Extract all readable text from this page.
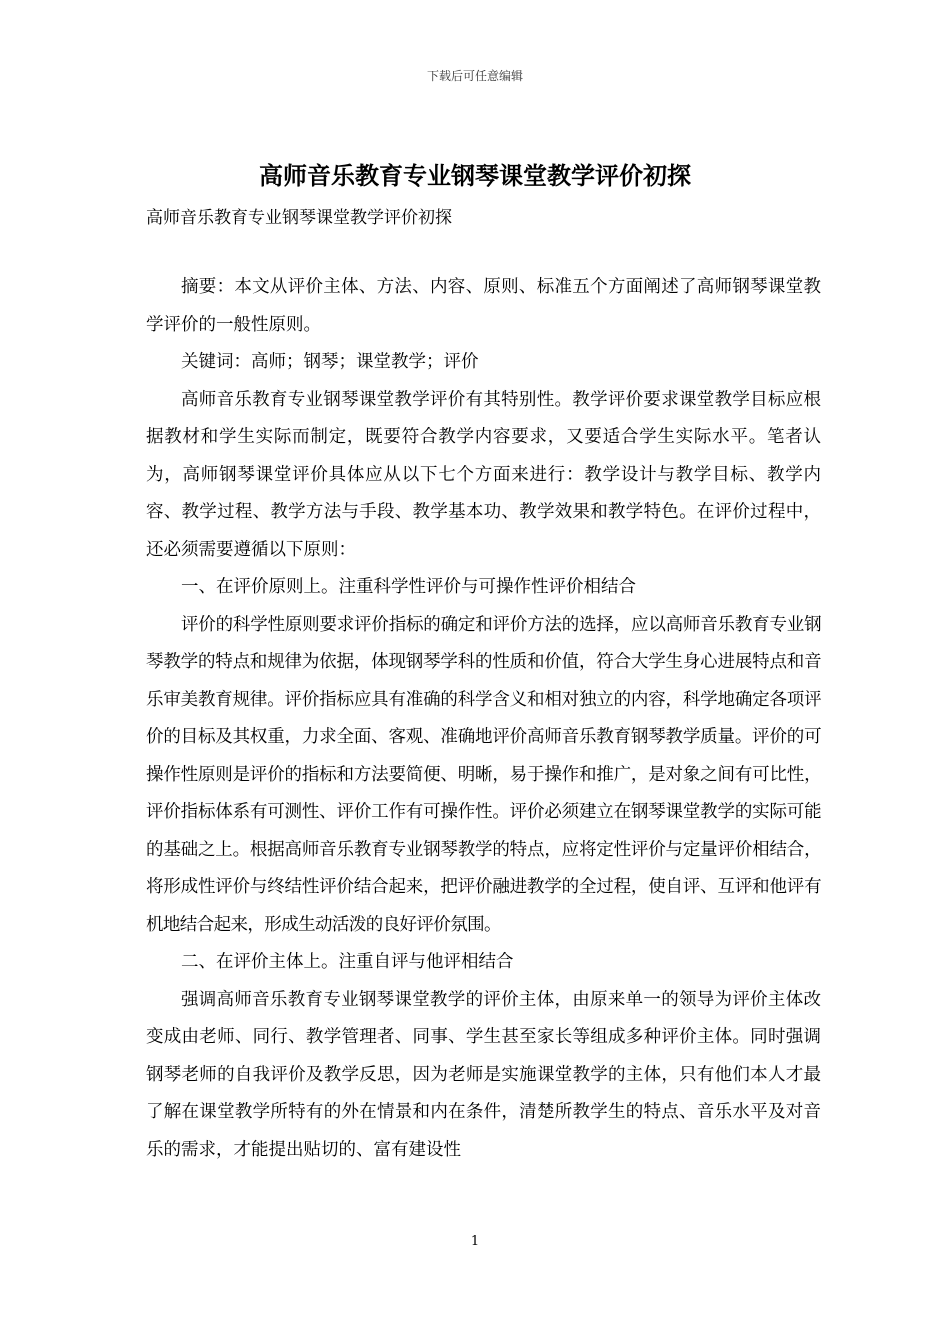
下载后可任意编辑
高师音乐教育专业钢琴课堂教学评价初探
高师音乐教育专业钢琴课堂教学评价初探

摘要：本文从评价主体、方法、内容、原则、标准五个方面阐述了高师钢琴课堂教学评价的一般性原则。

关键词：高师；钢琴；课堂教学；评价

高师音乐教育专业钢琴课堂教学评价有其特别性。教学评价要求课堂教学目标应根据教材和学生实际而制定，既要符合教学内容要求，又要适合学生实际水平。笔者认为，高师钢琴课堂评价具体应从以下七个方面来进行：教学设计与教学目标、教学内容、教学过程、教学方法与手段、教学基本功、教学效果和教学特色。在评价过程中，还必须需要遵循以下原则：

一、在评价原则上。注重科学性评价与可操作性评价相结合

评价的科学性原则要求评价指标的确定和评价方法的选择，应以高师音乐教育专业钢琴教学的特点和规律为依据，体现钢琴学科的性质和价值，符合大学生身心进展特点和音乐审美教育规律。评价指标应具有准确的科学含义和相对独立的内容，科学地确定各项评价的目标及其权重，力求全面、客观、准确地评价高师音乐教育钢琴教学质量。评价的可操作性原则是评价的指标和方法要简便、明晰，易于操作和推广，是对象之间有可比性，评价指标体系有可测性、评价工作有可操作性。评价必须建立在钢琴课堂教学的实际可能的基础之上。根据高师音乐教育专业钢琴教学的特点，应将定性评价与定量评价相结合，将形成性评价与终结性评价结合起来，把评价融进教学的全过程，使自评、互评和他评有机地结合起来，形成生动活泼的良好评价氛围。

二、在评价主体上。注重自评与他评相结合

强调高师音乐教育专业钢琴课堂教学的评价主体，由原来单一的领导为评价主体改变成由老师、同行、教学管理者、同事、学生甚至家长等组成多种评价主体。同时强调钢琴老师的自我评价及教学反思，因为老师是实施课堂教学的主体，只有他们本人才最了解在课堂教学所特有的外在情景和内在条件，清楚所教学生的特点、音乐水平及对音乐的需求，才能提出贴切的、富有建设性

1
